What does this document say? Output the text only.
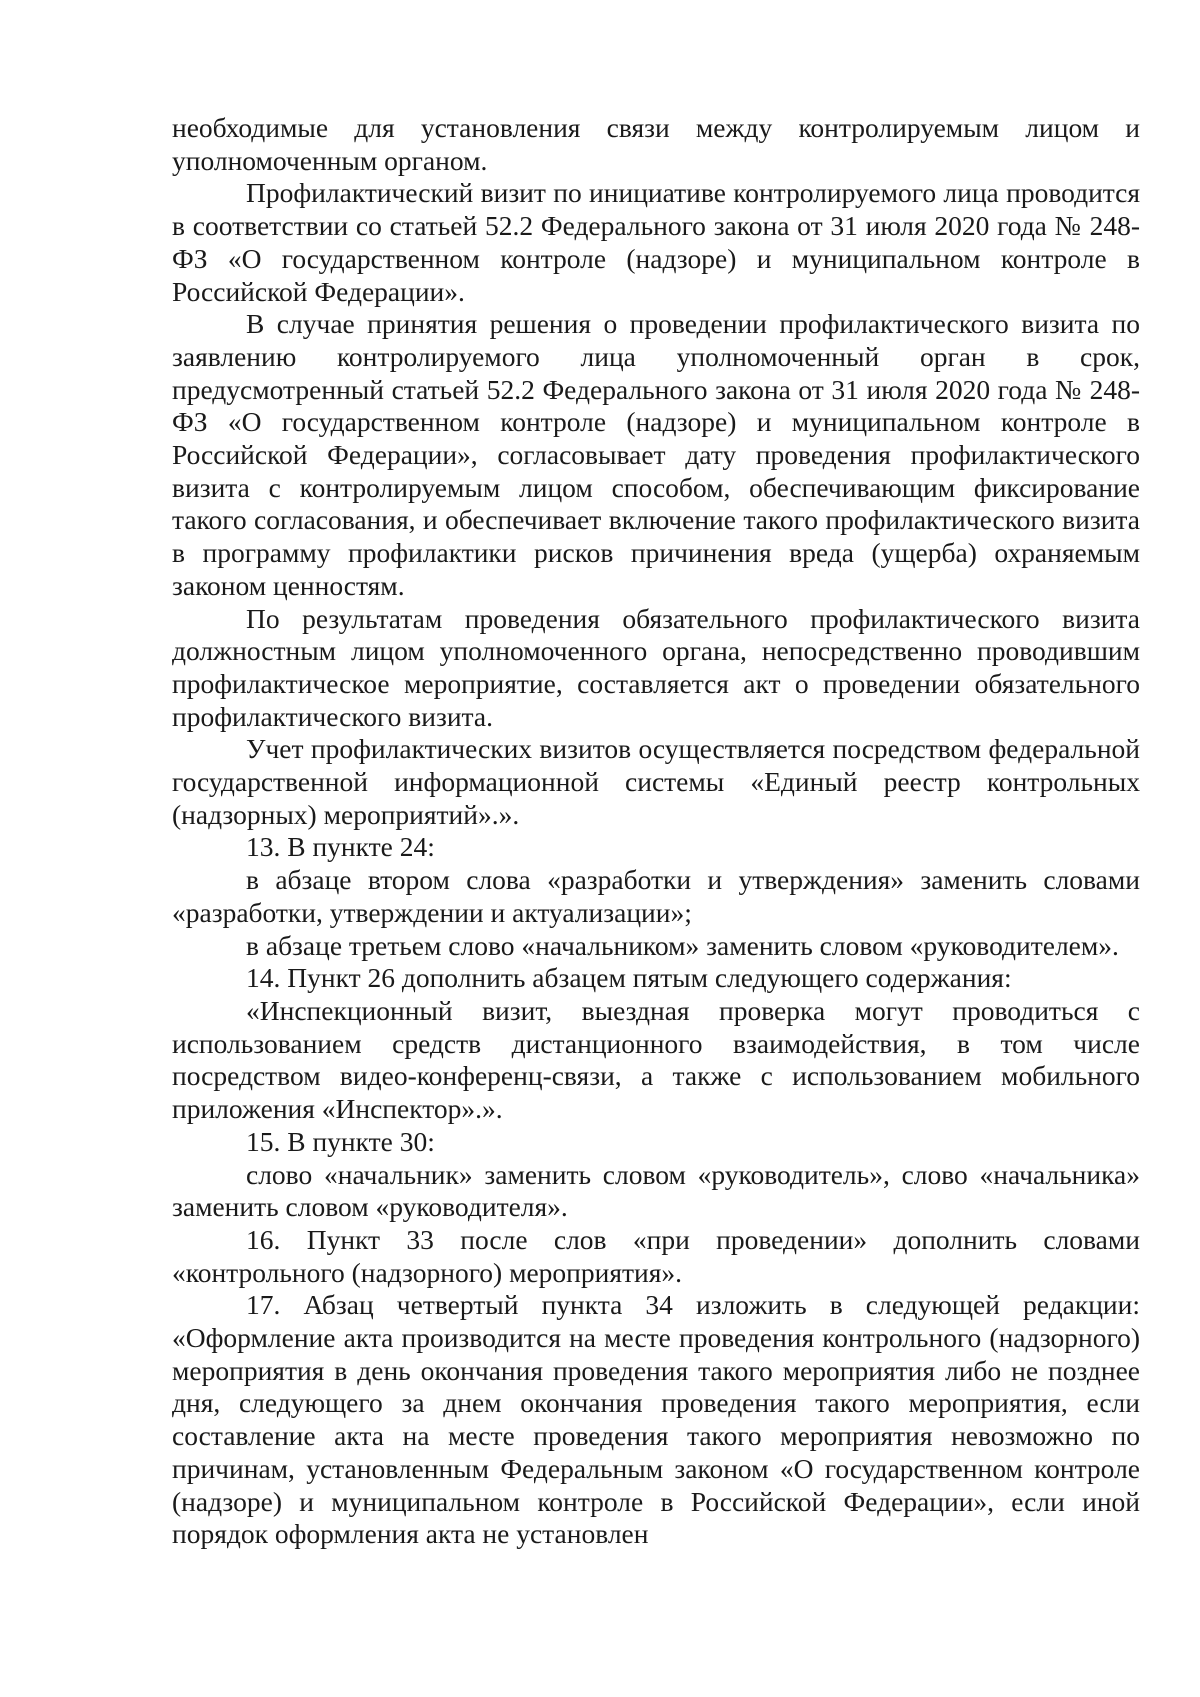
необходимые для установления связи между контролируемым лицом и уполномоченным органом.

Профилактический визит по инициативе контролируемого лица проводится в соответствии со статьей 52.2 Федерального закона от 31 июля 2020 года № 248-ФЗ «О государственном контроле (надзоре) и муниципальном контроле в Российской Федерации».

В случае принятия решения о проведении профилактического визита по заявлению контролируемого лица уполномоченный орган в срок, предусмотренный статьей 52.2 Федерального закона от 31 июля 2020 года № 248-ФЗ «О государственном контроле (надзоре) и муниципальном контроле в Российской Федерации», согласовывает дату проведения профилактического визита с контролируемым лицом способом, обеспечивающим фиксирование такого согласования, и обеспечивает включение такого профилактического визита в программу профилактики рисков причинения вреда (ущерба) охраняемым законом ценностям.

По результатам проведения обязательного профилактического визита должностным лицом уполномоченного органа, непосредственно проводившим профилактическое мероприятие, составляется акт о проведении обязательного профилактического визита.

Учет профилактических визитов осуществляется посредством федеральной государственной информационной системы «Единый реестр контрольных (надзорных) мероприятий».».

13. В пункте 24:

в абзаце втором слова «разработки и утверждения» заменить словами «разработки, утверждении и актуализации»;

в абзаце третьем слово «начальником» заменить словом «руководителем».

14. Пункт 26 дополнить абзацем пятым следующего содержания:

«Инспекционный визит, выездная проверка могут проводиться с использованием средств дистанционного взаимодействия, в том числе посредством видео-конференц-связи, а также с использованием мобильного приложения «Инспектор».».

15. В пункте 30:

слово «начальник» заменить словом «руководитель», слово «начальника» заменить словом «руководителя».

16. Пункт 33 после слов «при проведении» дополнить словами «контрольного (надзорного) мероприятия».

17. Абзац четвертый пункта 34 изложить в следующей редакции: «Оформление акта производится на месте проведения контрольного (надзорного) мероприятия в день окончания проведения такого мероприятия либо не позднее дня, следующего за днем окончания проведения такого мероприятия, если составление акта на месте проведения такого мероприятия невозможно по причинам, установленным Федеральным законом «О государственном контроле (надзоре) и муниципальном контроле в Российской Федерации», если иной порядок оформления акта не установлен
